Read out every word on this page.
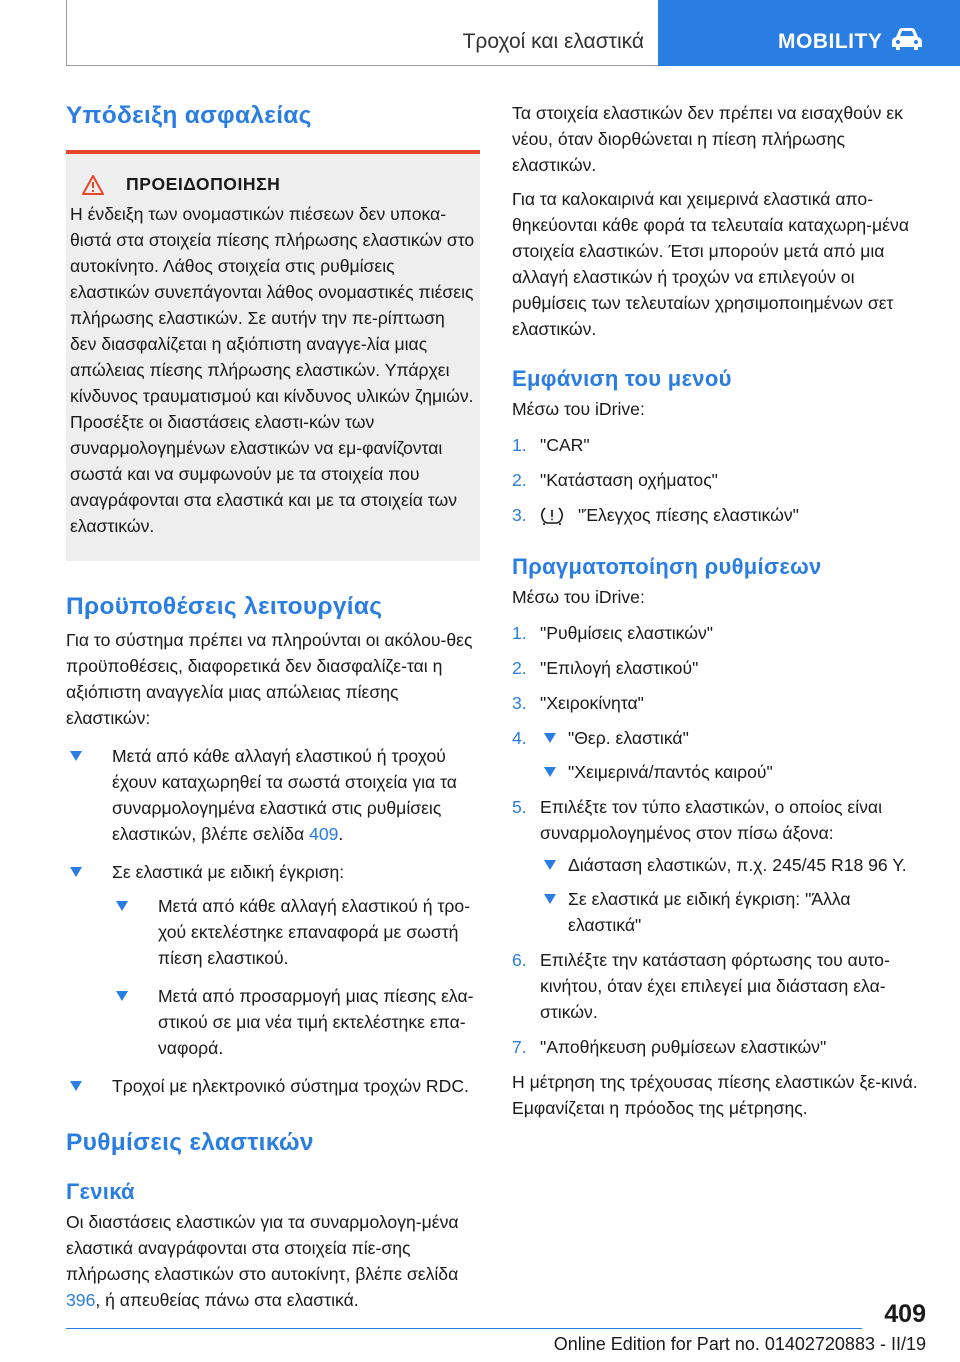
Τροχοί και ελαστικά	MOBILITY
Υπόδειξη ασφαλείας
ΠΡΟΕΙΔΟΠΟΙΗΣΗ

Η ένδειξη των ονομαστικών πιέσεων δεν υποκα-θιστά στα στοιχεία πίεσης πλήρωσης ελαστικών στο αυτοκίνητο. Λάθος στοιχεία στις ρυθμίσεις ελαστικών συνεπάγονται λάθος ονομαστικές πιέσεις πλήρωσης ελαστικών. Σε αυτήν την πε-ρίπτωση δεν διασφαλίζεται η αξιόπιστη αναγγε-λία μιας απώλειας πίεσης πλήρωσης ελαστικών. Υπάρχει κίνδυνος τραυματισμού και κίνδυνος υλικών ζημιών. Προσέξτε οι διαστάσεις ελαστι-κών των συναρμολογημένων ελαστικών να εμ-φανίζονται σωστά και να συμφωνούν με τα στοιχεία που αναγράφονται στα ελαστικά και με τα στοιχεία των ελαστικών.

Προϋποθέσεις λειτουργίας

Για το σύστημα πρέπει να πληρούνται οι ακόλου-θες προϋποθέσεις, διαφορετικά δεν διασφαλίζε-ται η αξιόπιστη αναγγελία μιας απώλειας πίεσης ελαστικών:

Μετά από κάθε αλλαγή ελαστικού ή τροχού έχουν καταχωρηθεί τα σωστά στοιχεία για τα συναρμολογημένα ελαστικά στις ρυθμίσεις ελαστικών, βλέπε σελίδα 409.
Σε ελαστικά με ειδική έγκριση:
Μετά από κάθε αλλαγή ελαστικού ή τρο-χού εκτελέστηκε επαναφορά με σωστή πίεση ελαστικού.
Μετά από προσαρμογή μιας πίεσης ελα-στικού σε μια νέα τιμή εκτελέστηκε επα-ναφορά.
Τροχοί με ηλεκτρονικό σύστημα τροχών RDC.
Ρυθμίσεις ελαστικών
Γενικά

Οι διαστάσεις ελαστικών για τα συναρμολογη-μένα ελαστικά αναγράφονται στα στοιχεία πίε-σης πλήρωσης ελαστικών στο αυτοκίνητ, βλέπε σελίδα 396, ή απευθείας πάνω στα ελαστικά.

Τα στοιχεία ελαστικών δεν πρέπει να εισαχθούν εκ νέου, όταν διορθώνεται η πίεση πλήρωσης ελαστικών.

Για τα καλοκαιρινά και χειμερινά ελαστικά απο-θηκεύονται κάθε φορά τα τελευταία καταχωρη-μένα στοιχεία ελαστικών. Έτσι μπορούν μετά από μια αλλαγή ελαστικών ή τροχών να επιλεγούν οι ρυθμίσεις των τελευταίων χρησιμοποιημένων σετ ελαστικών.

Εμφάνιση του μενού

Μέσω του iDrive:

1. "CAR"
2. "Κατάσταση οχήματος"
3.	"Έλεγχος πίεσης ελαστικών"
Πραγματοποίηση ρυθμίσεων

Μέσω του iDrive:

1. "Ρυθμίσεις ελαστικών"
2. "Επιλογή ελαστικού"
3. "Χειροκίνητα"
4.	"Θερ. ελαστικά"
"Χειμερινά/παντός καιρού"
5. Επιλέξτε τον τύπο ελαστικών, ο οποίος είναι συναρμολογημένος στον πίσω άξονα:
Διάσταση ελαστικών, π.χ. 245/45 R18 96 Y.
Σε ελαστικά με ειδική έγκριση: "Άλλα ελαστικά"
6. Επιλέξτε την κατάσταση φόρτωσης του αυτο-κινήτου, όταν έχει επιλεγεί μια διάσταση ελα-στικών.
7. "Αποθήκευση ρυθμίσεων ελαστικών"

Η μέτρηση της τρέχουσας πίεσης ελαστικών ξε-κινά. Εμφανίζεται η πρόοδος της μέτρησης.

409
Online Edition for Part no. 01402720883 - II/19
